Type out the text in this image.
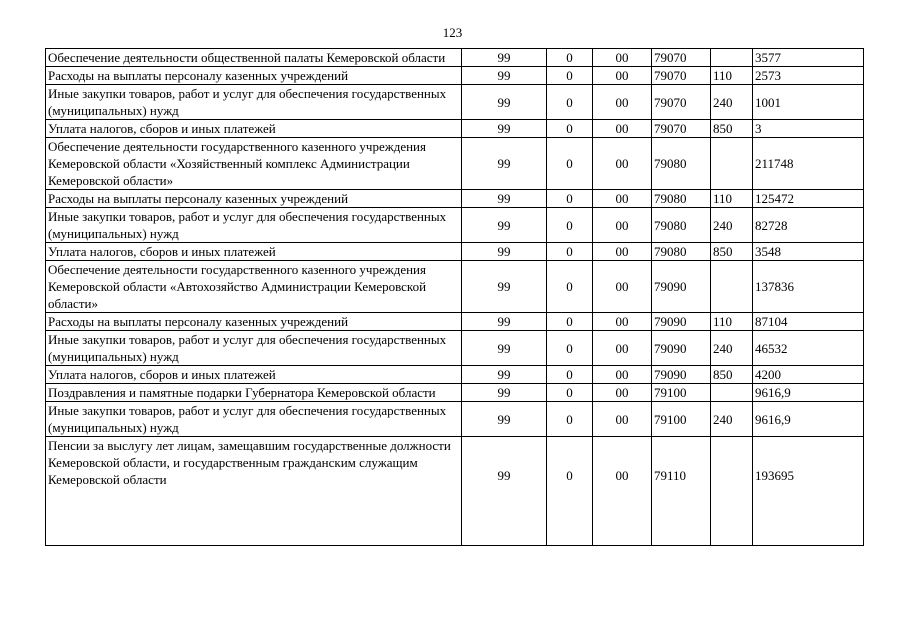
123
Обеспечение деятельности общественной палаты Кемеровской области	99	0	00	79070		3577
Расходы на выплаты персоналу казенных учреждений	99	0	00	79070	110	2573
Иные закупки товаров, работ и услуг для обеспечения государственных (муниципальных) нужд	99	0	00	79070	240	1001
Уплата налогов, сборов и иных платежей	99	0	00	79070	850	3
Обеспечение деятельности государственного казенного учреждения Кемеровской области «Хозяйственный комплекс Администрации Кемеровской области»	99	0	00	79080		211748
Расходы на выплаты персоналу казенных учреждений	99	0	00	79080	110	125472
Иные закупки товаров, работ и услуг для обеспечения государственных (муниципальных) нужд	99	0	00	79080	240	82728
Уплата налогов, сборов и иных платежей	99	0	00	79080	850	3548
Обеспечение деятельности государственного казенного учреждения Кемеровской области «Автохозяйство Администрации Кемеровской области»	99	0	00	79090		137836
Расходы на выплаты персоналу казенных учреждений	99	0	00	79090	110	87104
Иные закупки товаров, работ и услуг для обеспечения государственных (муниципальных) нужд	99	0	00	79090	240	46532
Уплата налогов, сборов и иных платежей	99	0	00	79090	850	4200
Поздравления и памятные подарки Губернатора Кемеровской области	99	0	00	79100		9616,9
Иные закупки товаров, работ и услуг для обеспечения государственных (муниципальных) нужд	99	0	00	79100	240	9616,9
Пенсии за выслугу лет лицам, замещавшим государственные должности Кемеровской области, и государственным гражданским служащим Кемеровской области	99	0	00	79110		193695
